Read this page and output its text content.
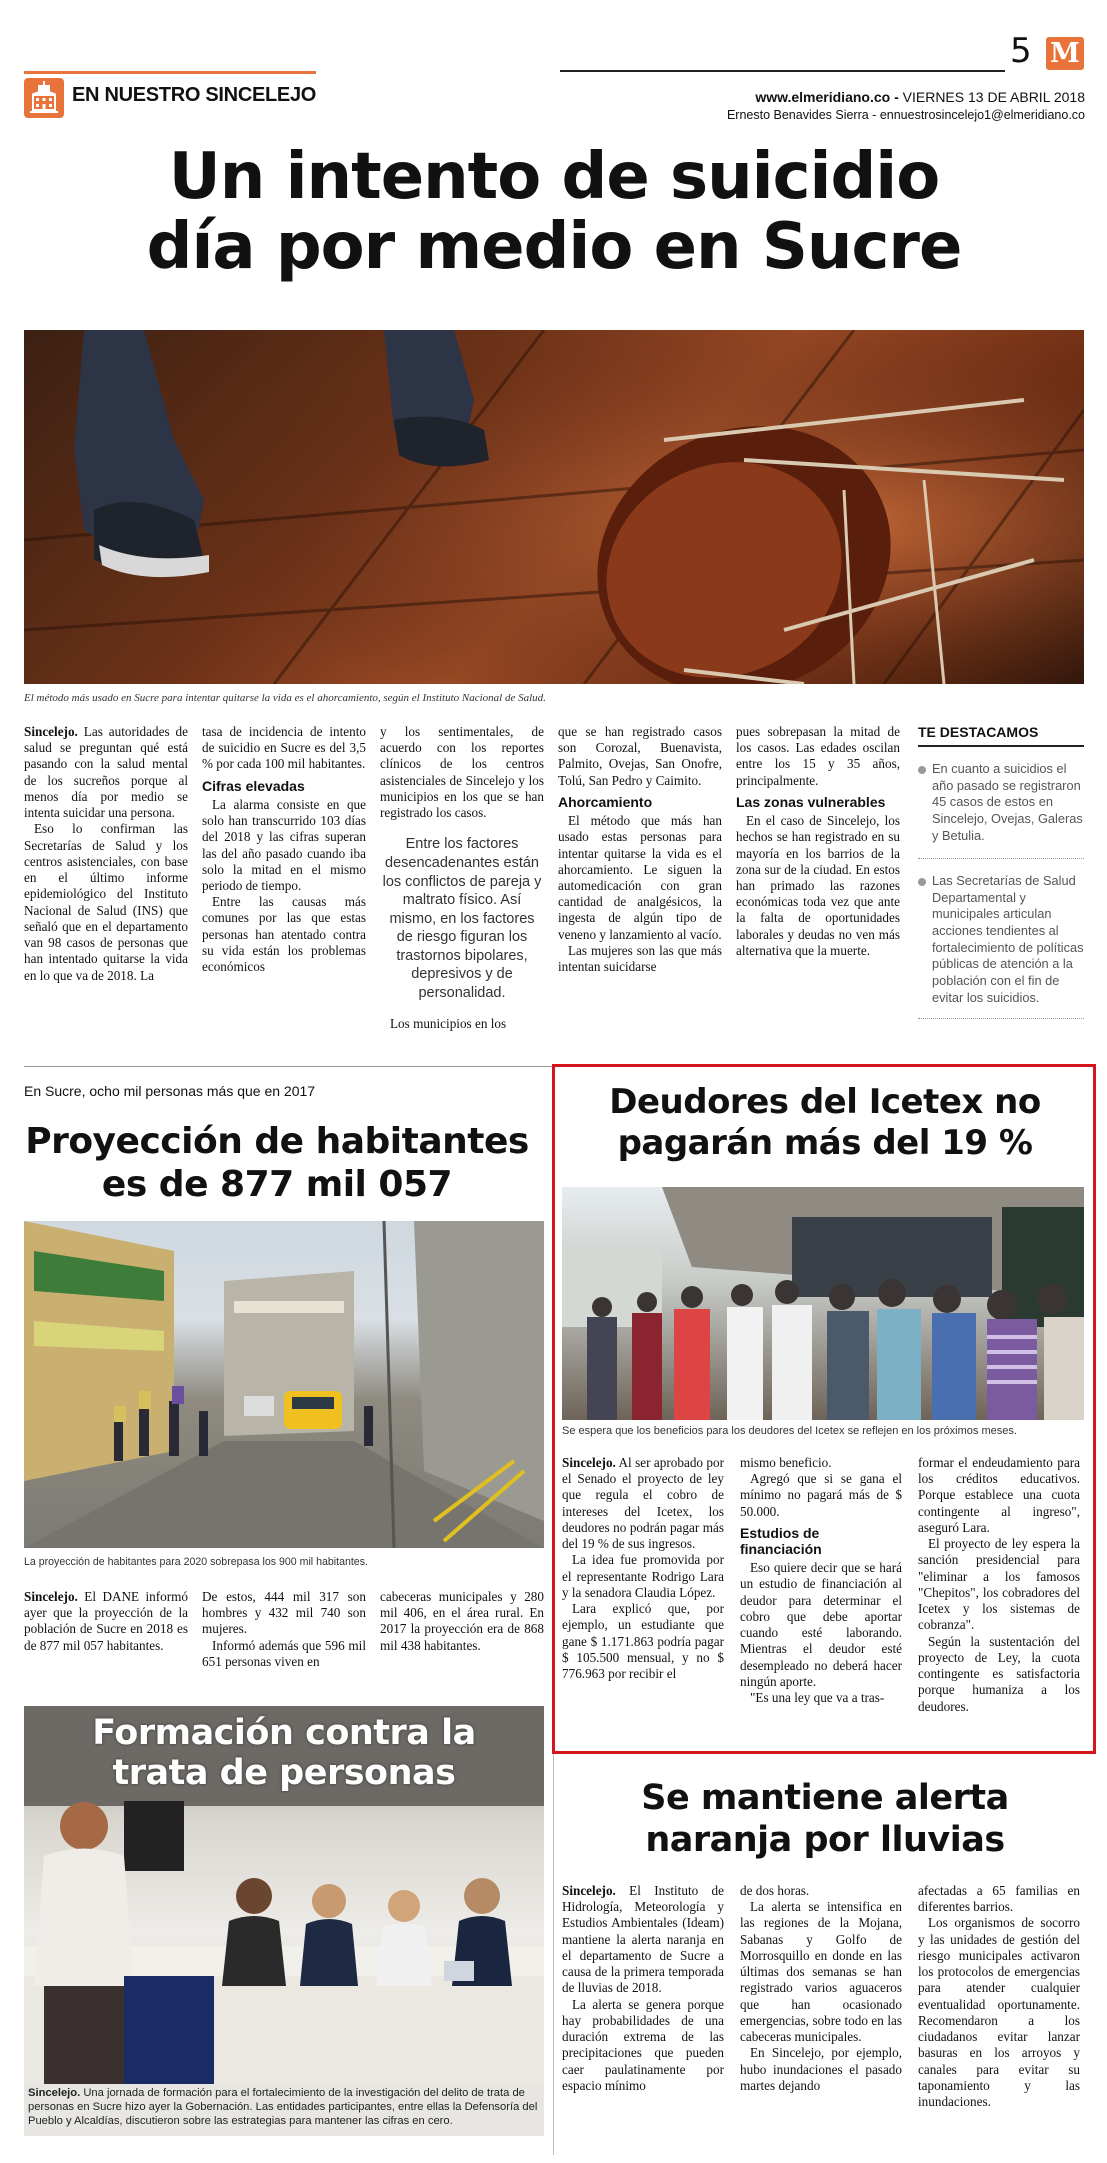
EN NUESTRO SINCELEJO
5 M
www.elmeridiano.co - VIERNES 13 DE ABRIL 2018
Ernesto Benavides Sierra - ennuestrosincelejo1@elmeridiano.co
Un intento de suicidio
día por medio en Sucre
El método más usado en Sucre para intentar quitarse la vida es el ahorcamiento, según el Instituto Nacional de Salud.

Sincelejo. Las autoridades de salud se preguntan qué está pasando con la salud mental de los sucreños porque al menos día por medio se intenta suicidar una persona.

Eso lo confirman las Secretarías de Salud y los centros asistenciales, con base en el último informe epidemiológico del Instituto Nacional de Salud (INS) que señaló que en el departamento van 98 casos de personas que han intentado quitarse la vida en lo que va de 2018. La

tasa de incidencia de intento de suicidio en Sucre es del 3,5 % por cada 100 mil habitantes.

Cifras elevadas

La alarma consiste en que solo han transcurrido 103 días del 2018 y las cifras superan las del año pasado cuando iba solo la mitad en el mismo periodo de tiempo.

Entre las causas más comunes por las que estas personas han atentado contra su vida están los problemas económicos

y los sentimentales, de acuerdo con los reportes clínicos de los centros asistenciales de Sincelejo y los municipios en los que se han registrado los casos.

Entre los factores desencadenantes están los conflictos de pareja y maltrato físico. Así mismo, en los factores de riesgo figuran los trastornos bipolares, depresivos y de personalidad.

Los municipios en los

que se han registrado casos son Corozal, Buenavista, Palmito, Ovejas, San Onofre, Tolú, San Pedro y Caimito.

Ahorcamiento

El método que más han usado estas personas para intentar quitarse la vida es el ahorcamiento. Le siguen la automedicación con gran cantidad de analgésicos, la ingesta de algún tipo de veneno y lanzamiento al vacío.

Las mujeres son las que más intentan suicidarse

pues sobrepasan la mitad de los casos. Las edades oscilan entre los 15 y 35 años, principalmente.

Las zonas vulnerables

En el caso de Sincelejo, los hechos se han registrado en su mayoría en los barrios de la zona sur de la ciudad. En estos han primado las razones económicas toda vez que ante la falta de oportunidades laborales y deudas no ven más alternativa que la muerte.

TE DESTACAMOS
En cuanto a suicidios el año pasado se registraron 45 casos de estos en Sincelejo, Ovejas, Galeras y Betulia.
Las Secretarías de Salud Departamental y municipales articulan acciones tendientes al fortalecimiento de políticas públicas de atención a la población con el fin de evitar los suicidios.
En Sucre, ocho mil personas más que en 2017
Proyección de habitantes
es de 877 mil 057
La proyección de habitantes para 2020 sobrepasa los 900 mil habitantes.

Sincelejo. El DANE informó ayer que la proyección de la población de Sucre en 2018 es de 877 mil 057 habitantes.

De estos, 444 mil 317 son hombres y 432 mil 740 son mujeres.

Informó además que 596 mil 651 personas viven en

cabeceras municipales y 280 mil 406, en el área rural. En 2017 la proyección era de 868 mil 438 habitantes.

Formación contra la
trata de personas
Sincelejo. Una jornada de formación para el fortalecimiento de la investigación del delito de trata de personas en Sucre hizo ayer la Gobernación. Las entidades participantes, entre ellas la Defensoría del Pueblo y Alcaldías, discutieron sobre las estrategias para mantener las cifras en cero.
Deudores del Icetex no
pagarán más del 19 %
Se espera que los beneficios para los deudores del Icetex se reflejen en los próximos meses.

Sincelejo. Al ser aprobado por el Senado el proyecto de ley que regula el cobro de intereses del Icetex, los deudores no podrán pagar más del 19 % de sus ingresos.

La idea fue promovida por el representante Rodrigo Lara y la senadora Claudia López.

Lara explicó que, por ejemplo, un estudiante que gane $ 1.171.863 podría pagar $ 105.500 mensual, y no $ 776.963 por recibir el

mismo beneficio.

Agregó que si se gana el mínimo no pagará más de $ 50.000.

Estudios de financiación

Eso quiere decir que se hará un estudio de financiación al deudor para determinar el cobro que debe aportar cuando esté laborando. Mientras el deudor esté desempleado no deberá hacer ningún aporte.

"Es una ley que va a tras-

formar el endeudamiento para los créditos educativos. Porque establece una cuota contingente al ingreso", aseguró Lara.

El proyecto de ley espera la sanción presidencial para "eliminar a los famosos "Chepitos", los cobradores del Icetex y los sistemas de cobranza".

Según la sustentación del proyecto de Ley, la cuota contingente es satisfactoria porque humaniza a los deudores.

Se mantiene alerta
naranja por lluvias

Sincelejo. El Instituto de Hidrología, Meteorología y Estudios Ambientales (Ideam) mantiene la alerta naranja en el departamento de Sucre a causa de la primera temporada de lluvias de 2018.

La alerta se genera porque hay probabilidades de una duración extrema de las precipitaciones que pueden caer paulatinamente por espacio mínimo

de dos horas.

La alerta se intensifica en las regiones de la Mojana, Sabanas y Golfo de Morrosquillo en donde en las últimas dos semanas se han registrado varios aguaceros que han ocasionado emergencias, sobre todo en las cabeceras municipales.

En Sincelejo, por ejemplo, hubo inundaciones el pasado martes dejando

afectadas a 65 familias en diferentes barrios.

Los organismos de socorro y las unidades de gestión del riesgo municipales activaron los protocolos de emergencias para atender cualquier eventualidad oportunamente. Recomendaron a los ciudadanos evitar lanzar basuras en los arroyos y canales para evitar su taponamiento y las inundaciones.
